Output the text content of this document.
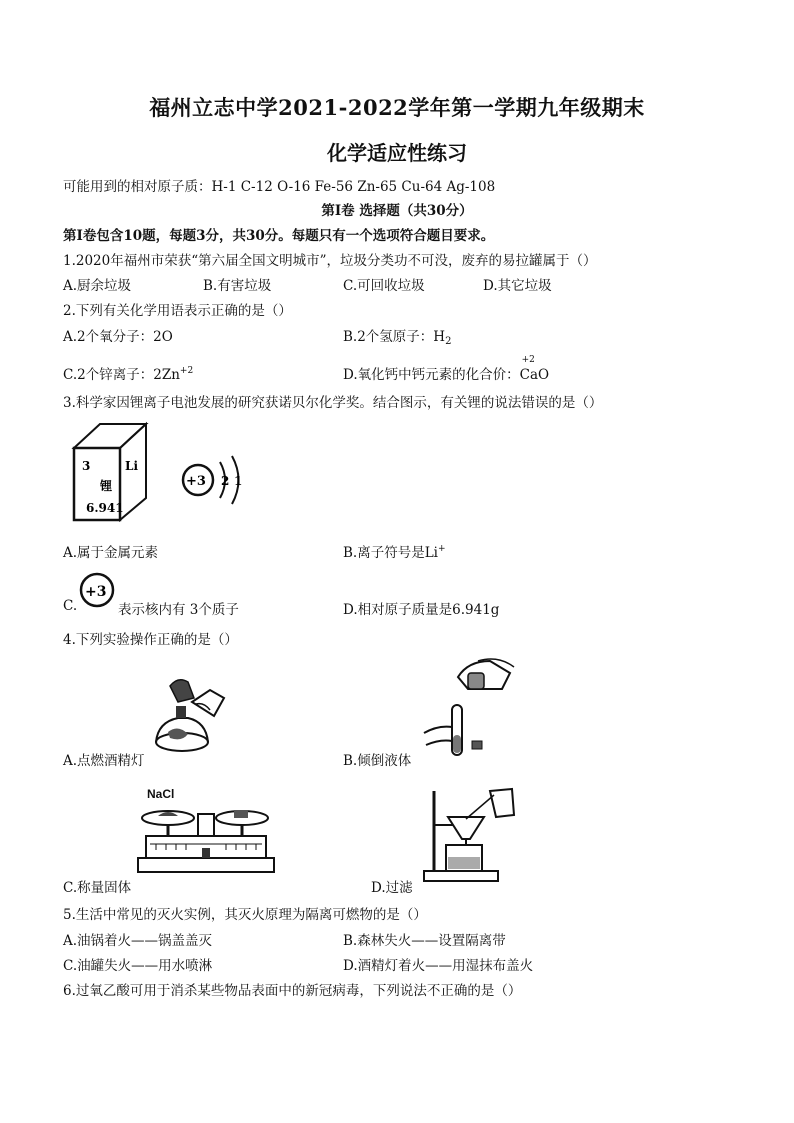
福州立志中学2021-2022学年第一学期九年级期末
化学适应性练习
可能用到的相对原子质：H-1 C-12 O-16 Fe-56 Zn-65 Cu-64 Ag-108
第Ⅰ卷 选择题（共30分）
第Ⅰ卷包含10题，每题3分，共30分。每题只有一个选项符合题目要求。
1.2020年福州市荣获“第六届全国文明城市”，垃圾分类功不可没，废弃的易拉罐属于（）
A.厨余垃圾	B.有害垃圾	C.可回收垃圾	D.其它垃圾
2.下列有关化学用语表示正确的是（）
A.2个氧分子：2O	B.2个氢原子：$H_2$
C.2个锌离子：$2Zn^{+2}$	D.氧化钙中钙元素的化合价：
+2
CaO
3.科学家因锂离子电池发展的研究获诺贝尔化学奖。结合图示，有关锂的说法错误的是（）
3	Li
锂
6.941
+3 2 1
A.属于金属元素	B.离子符号是Li+
C.
+3
表示核内有 3个质子	D.相对原子质量是6.941g
4.下列实验操作正确的是（）
A.点燃酒精灯	B.倾倒液体
NaCl
C.称量固体	D.过滤
5.生活中常见的灭火实例，其灭火原理为隔离可燃物的是（）
A.油锅着火——锅盖盖灭	B.森林失火——设置隔离带
C.油罐失火——用水喷淋	D.酒精灯着火——用湿抹布盖火
6.过氧乙酸可用于消杀某些物品表面中的新冠病毒，下列说法不正确的是（）
